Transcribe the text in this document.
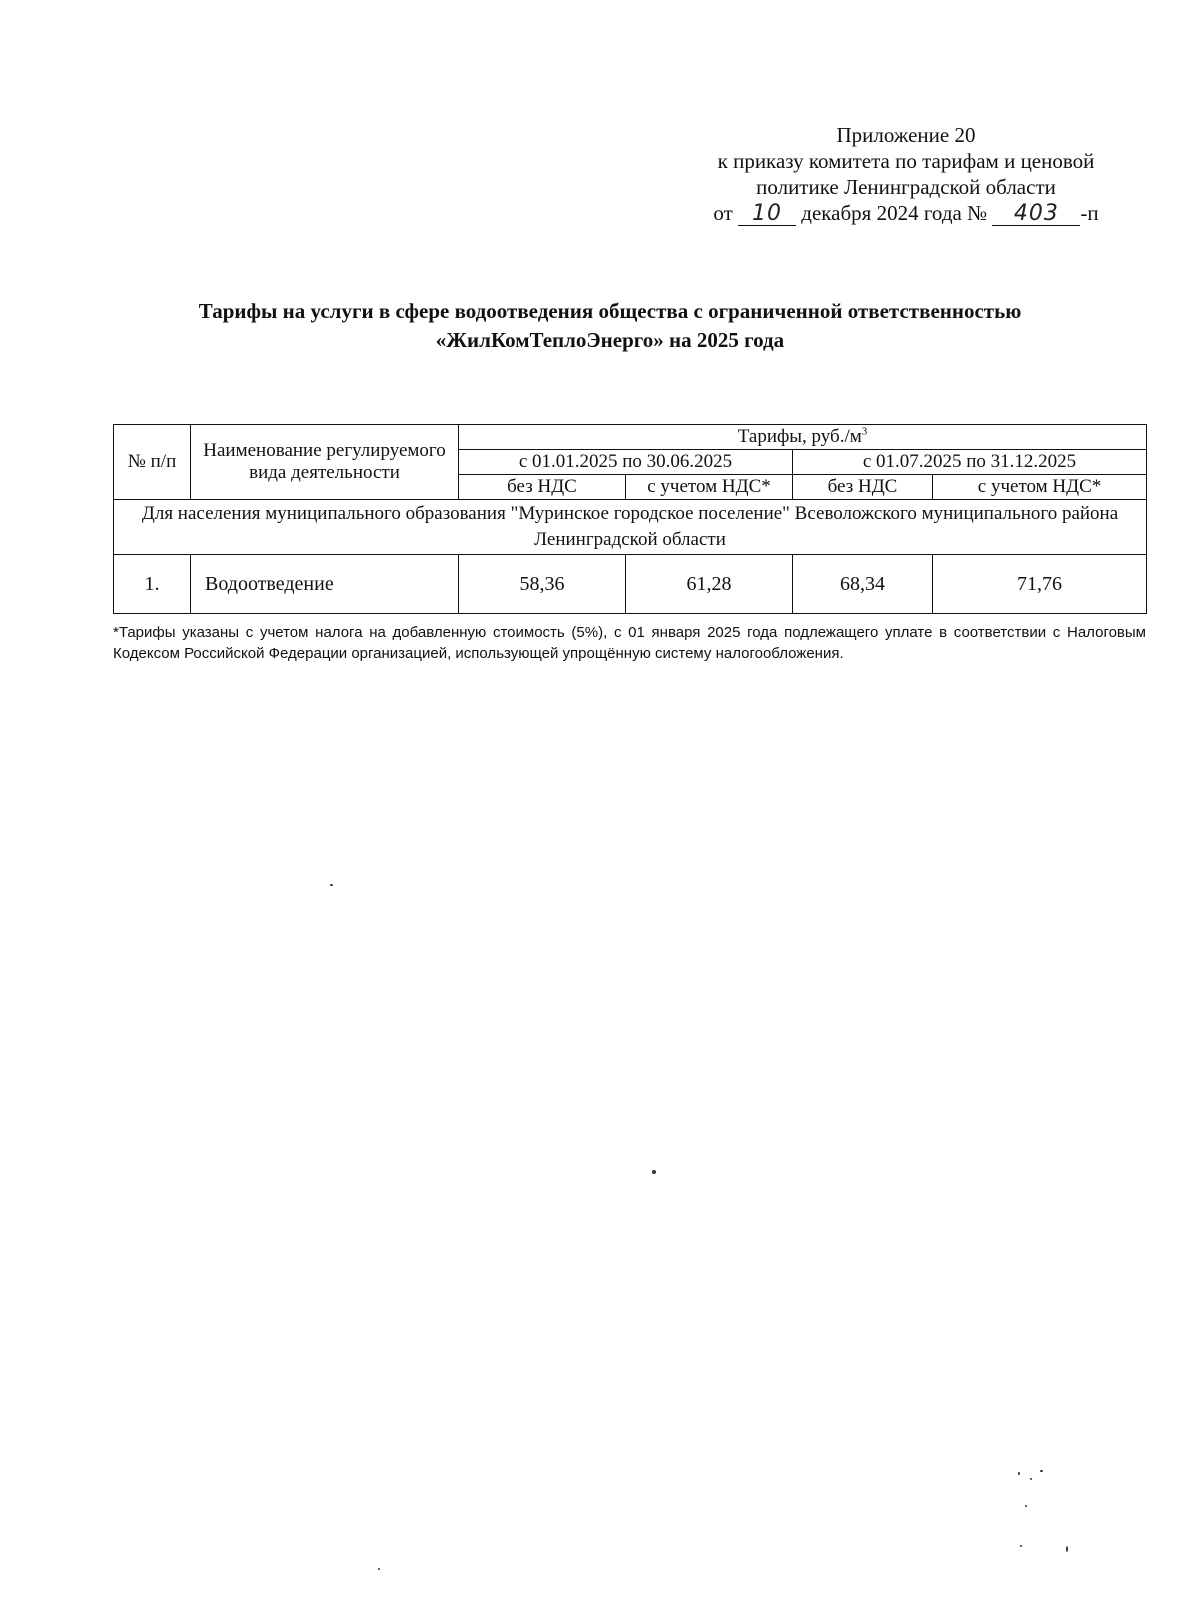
Приложение 20
к приказу комитета по тарифам и ценовой
политике Ленинградской области
от 10 декабря 2024 года № 403 -п
Тарифы на услуги в сфере водоотведения общества с ограниченной ответственностью
«ЖилКомТеплоЭнерго» на 2025 года
№ п/п	Наименование регулируемого вида деятельности	Тарифы, $руб./м^3$
		с 01.01.2025 по 30.06.2025		с 01.07.2025 по 31.12.2025	
		без НДС	с учетом НДС*	без НДС	с учетом НДС*
Для населения муниципального образования "Муринское городское поселение" Всеволожского муниципального района Ленинградской области					
1.	Водоотведение	58,36	61,28	68,34	71,76
*Тарифы указаны с учетом налога на добавленную стоимость (5%), с 01 января 2025 года подлежащего уплате в соответствии с Налоговым Кодексом Российской Федерации организацией, использующей упрощённую систему налогообложения.
